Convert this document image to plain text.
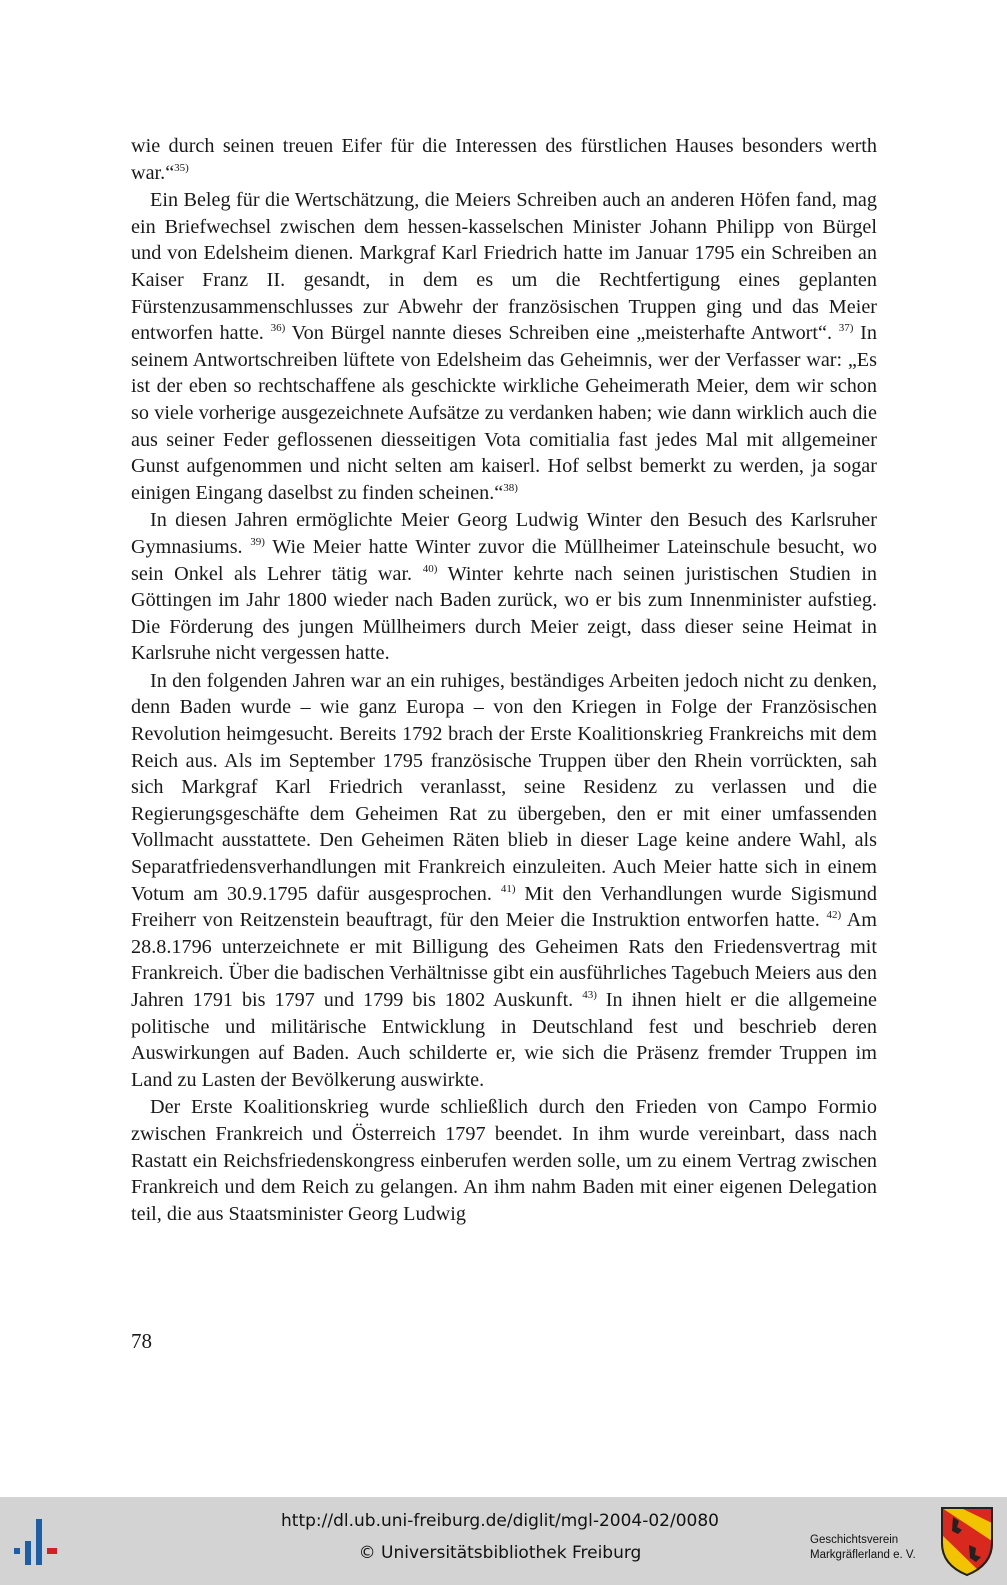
wie durch seinen treuen Eifer für die Interessen des fürstlichen Hauses besonders werth war.“$^{35)}$

Ein Beleg für die Wertschätzung, die Meiers Schreiben auch an anderen Höfen fand, mag ein Briefwechsel zwischen dem hessen-kasselschen Minister Johann Philipp von Bürgel und von Edelsheim dienen. Markgraf Karl Friedrich hatte im Januar 1795 ein Schreiben an Kaiser Franz II. gesandt, in dem es um die Rechtfertigung eines geplanten Fürstenzusammenschlusses zur Abwehr der französischen Truppen ging und das Meier entworfen hatte. $^{36)}$ Von Bürgel nannte dieses Schreiben eine „meisterhafte Antwort“. $^{37)}$ In seinem Antwortschreiben lüftete von Edelsheim das Geheimnis, wer der Verfasser war: „Es ist der eben so rechtschaffene als geschickte wirkliche Geheimerath Meier, dem wir schon so viele vorherige ausgezeichnete Aufsätze zu verdanken haben; wie dann wirklich auch die aus seiner Feder geflossenen diesseitigen Vota comitialia fast jedes Mal mit allgemeiner Gunst aufgenommen und nicht selten am kaiserl. Hof selbst bemerkt zu werden, ja sogar einigen Eingang daselbst zu finden scheinen.“$^{38)}$

In diesen Jahren ermöglichte Meier Georg Ludwig Winter den Besuch des Karlsruher Gymnasiums. $^{39)}$ Wie Meier hatte Winter zuvor die Müllheimer Lateinschule besucht, wo sein Onkel als Lehrer tätig war. $^{40)}$ Winter kehrte nach seinen juristischen Studien in Göttingen im Jahr 1800 wieder nach Baden zurück, wo er bis zum Innenminister aufstieg. Die Förderung des jungen Müllheimers durch Meier zeigt, dass dieser seine Heimat in Karlsruhe nicht vergessen hatte.

In den folgenden Jahren war an ein ruhiges, beständiges Arbeiten jedoch nicht zu denken, denn Baden wurde – wie ganz Europa – von den Kriegen in Folge der Französischen Revolution heimgesucht. Bereits 1792 brach der Erste Koalitionskrieg Frankreichs mit dem Reich aus. Als im September 1795 französische Truppen über den Rhein vorrückten, sah sich Markgraf Karl Friedrich veranlasst, seine Residenz zu verlassen und die Regierungsgeschäfte dem Geheimen Rat zu übergeben, den er mit einer umfassenden Vollmacht ausstattete. Den Geheimen Räten blieb in dieser Lage keine andere Wahl, als Separatfriedensverhandlungen mit Frankreich einzuleiten. Auch Meier hatte sich in einem Votum am 30.9.1795 dafür ausgesprochen. $^{41)}$ Mit den Verhandlungen wurde Sigismund Freiherr von Reitzenstein beauftragt, für den Meier die Instruktion entworfen hatte. $^{42)}$ Am 28.8.1796 unterzeichnete er mit Billigung des Geheimen Rats den Friedensvertrag mit Frankreich. Über die badischen Verhältnisse gibt ein ausführliches Tagebuch Meiers aus den Jahren 1791 bis 1797 und 1799 bis 1802 Auskunft. $^{43)}$ In ihnen hielt er die allgemeine politische und militärische Entwicklung in Deutschland fest und beschrieb deren Auswirkungen auf Baden. Auch schilderte er, wie sich die Präsenz fremder Truppen im Land zu Lasten der Bevölkerung auswirkte.

Der Erste Koalitionskrieg wurde schließlich durch den Frieden von Campo Formio zwischen Frankreich und Österreich 1797 beendet. In ihm wurde vereinbart, dass nach Rastatt ein Reichsfriedenskongress einberufen werden solle, um zu einem Vertrag zwischen Frankreich und dem Reich zu gelangen. An ihm nahm Baden mit einer eigenen Delegation teil, die aus Staatsminister Georg Ludwig

78
http://dl.ub.uni-freiburg.de/diglit/mgl-2004-02/0080
© Universitätsbibliothek Freiburg
Geschichtsverein
Markgräflerland e. V.
